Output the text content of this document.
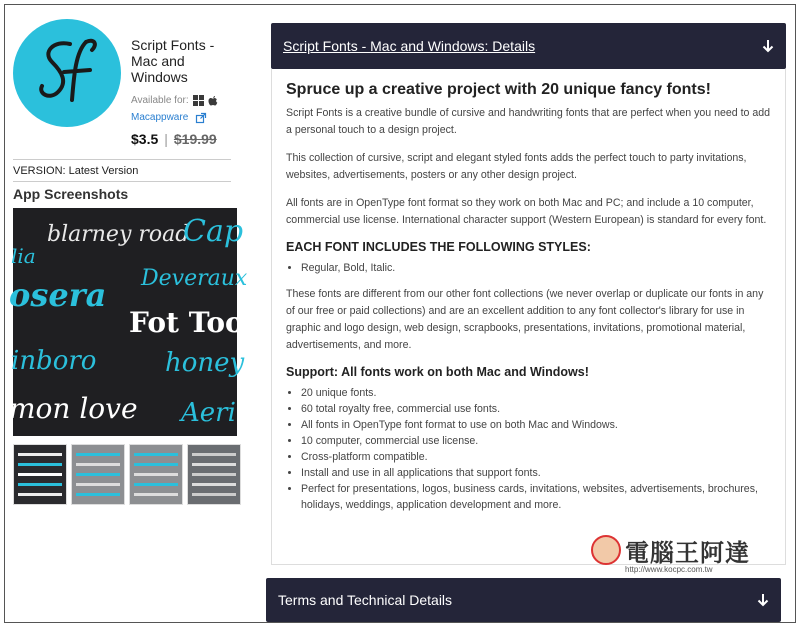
Script Fonts - Mac and Windows
Available for:
Macappware
$3.5 | $19.99
VERSION: Latest Version
App Screenshots
blarney road
Cap
lia
Deveraux
osera
Fot Too
inboro	honey
mon love Aeri
Script Fonts - Mac and Windows: Details
Spruce up a creative project with 20 unique fancy fonts!

Script Fonts is a creative bundle of cursive and handwriting fonts that are perfect when you need to add a personal touch to a design project.

This collection of cursive, script and elegant styled fonts adds the perfect touch to party invitations, websites, advertisements, posters or any other design project.

All fonts are in OpenType font format so they work on both Mac and PC; and include a 10 computer, commercial use license. International character support (Western European) is standard for every font.

EACH FONT INCLUDES THE FOLLOWING STYLES:
• Regular, Bold, Italic.

These fonts are different from our other font collections (we never overlap or duplicate our fonts in any of our free or paid collections) and are an excellent addition to any font collector's library for use in graphic and logo design, web design, scrapbooks, presentations, invitations, promotional material, advertisements, and more.

Support: All fonts work on both Mac and Windows!
• 20 unique fonts.
• 60 total royalty free, commercial use fonts.
• All fonts in OpenType font format to use on both Mac and Windows.
• 10 computer, commercial use license.
• Cross-platform compatible.
• Install and use in all applications that support fonts.
• Perfect for presentations, logos, business cards, invitations, websites, advertisements, brochures, holidays, weddings, application development and more.
電腦王阿達
http://www.kocpc.com.tw
Terms and Technical Details
